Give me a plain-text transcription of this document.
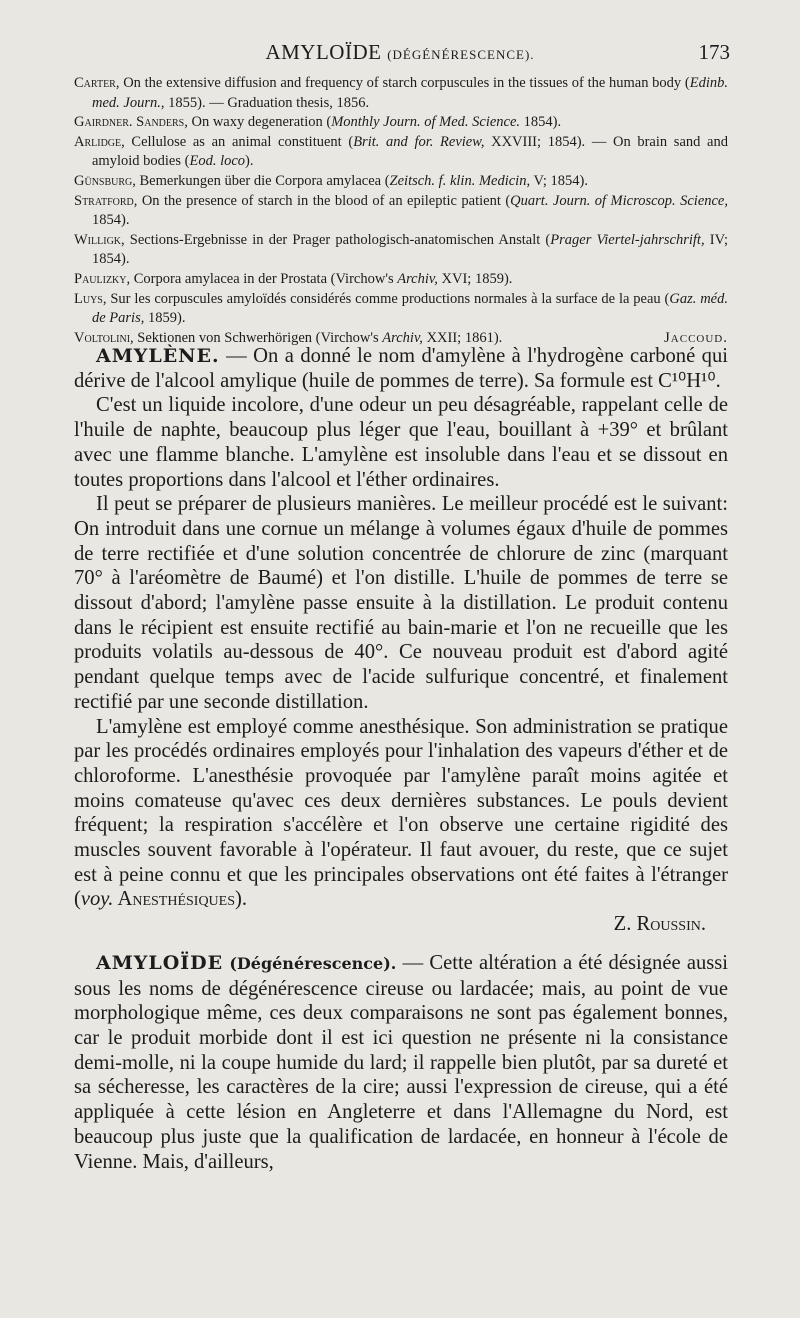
AMYLOÏDE (DÉGÉNÉRESCENCE).	173
Carter, On the extensive diffusion and frequency of starch corpuscules in the tissues of the human body (Edinb. med. Journ., 1855). — Graduation thesis, 1856.
Gairdner. Sanders, On waxy degeneration (Monthly Journ. of Med. Science. 1854).
Arlidge, Cellulose as an animal constituent (Brit. and for. Review, XXVIII; 1854). — On brain sand and amyloid bodies (Eod. loco).
Günsburg, Bemerkungen über die Corpora amylacea (Zeitsch. f. klin. Medicin, V; 1854).
Stratford, On the presence of starch in the blood of an epileptic patient (Quart. Journ. of Microscop. Science, 1854).
Willigk, Sections-Ergebnisse in der Prager pathologisch-anatomischen Anstalt (Prager Viertel-jahrschrift, IV; 1854).
Paulizky, Corpora amylacea in der Prostata (Virchow's Archiv, XVI; 1859).
Luys, Sur les corpuscules amyloïdés considérés comme productions normales à la surface de la peau (Gaz. méd. de Paris, 1859).
Voltolini, Sektionen von Schwerhörigen (Virchow's Archiv, XXII; 1861).	Jaccoud.

AMYLÈNE. — On a donné le nom d'amylène à l'hydrogène carboné qui dérive de l'alcool amylique (huile de pommes de terre). Sa formule est C¹⁰H¹⁰.

C'est un liquide incolore, d'une odeur un peu désagréable, rappelant celle de l'huile de naphte, beaucoup plus léger que l'eau, bouillant à +39° et brûlant avec une flamme blanche. L'amylène est insoluble dans l'eau et se dissout en toutes proportions dans l'alcool et l'éther ordinaires.

Il peut se préparer de plusieurs manières. Le meilleur procédé est le suivant: On introduit dans une cornue un mélange à volumes égaux d'huile de pommes de terre rectifiée et d'une solution concentrée de chlorure de zinc (marquant 70° à l'aréomètre de Baumé) et l'on distille. L'huile de pommes de terre se dissout d'abord; l'amylène passe ensuite à la distillation. Le produit contenu dans le récipient est ensuite rectifié au bain-marie et l'on ne recueille que les produits volatils au-dessous de 40°. Ce nouveau produit est d'abord agité pendant quelque temps avec de l'acide sulfurique concentré, et finalement rectifié par une seconde distillation.

L'amylène est employé comme anesthésique. Son administration se pratique par les procédés ordinaires employés pour l'inhalation des vapeurs d'éther et de chloroforme. L'anesthésie provoquée par l'amylène paraît moins agitée et moins comateuse qu'avec ces deux dernières substances. Le pouls devient fréquent; la respiration s'accélère et l'on observe une certaine rigidité des muscles souvent favorable à l'opérateur. Il faut avouer, du reste, que ce sujet est à peine connu et que les principales observations ont été faites à l'étranger (voy. Anesthésiques).

Z. Roussin.

AMYLOÏDE (Dégénérescence). — Cette altération a été désignée aussi sous les noms de dégénérescence cireuse ou lardacée; mais, au point de vue morphologique même, ces deux comparaisons ne sont pas également bonnes, car le produit morbide dont il est ici question ne présente ni la consistance demi-molle, ni la coupe humide du lard; il rappelle bien plutôt, par sa dureté et sa sécheresse, les caractères de la cire; aussi l'expression de cireuse, qui a été appliquée à cette lésion en Angleterre et dans l'Allemagne du Nord, est beaucoup plus juste que la qualification de lardacée, en honneur à l'école de Vienne. Mais, d'ailleurs,
